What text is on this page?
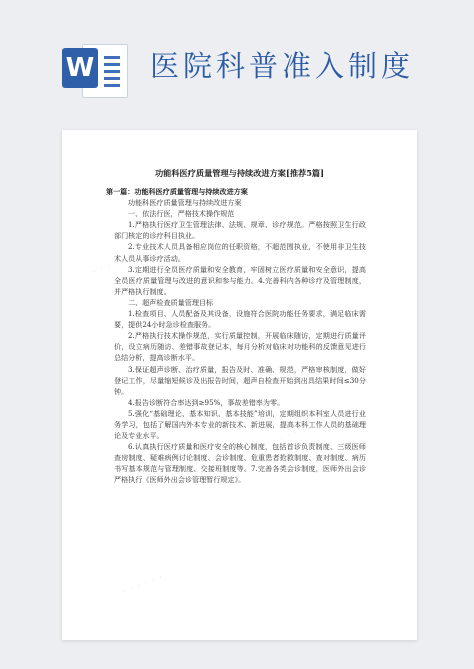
W 医院科普准入制度
· · · · · ·
· · · · · ·
· · · · · ·
功能科医疗质量管理与持续改进方案[推荐5篇]

第一篇：功能科医疗质量管理与持续改进方案

功能科医疗质量管理与持续改进方案

一、依法行医，严格技术操作规范

1.严格执行医疗卫生管理法律、法规、规章、诊疗规范。严格按照卫生行政部门核定的诊疗科目执业。

2.专业技术人员具备相应岗位的任职资格，不超范围执业，不使用非卫生技术人员从事诊疗活动。

3.定期进行全员医疗质量和安全教育，牢固树立医疗质量和安全意识，提高全员医疗质量管理与改进的意识和参与能力。4.完善科内各种诊疗及管理制度，并严格执行制度。

二、超声检查质量管理目标

1.检查项目、人员配备及其设备，设施符合医院功能任务要求，满足临床需要，提供24小时急诊检查服务。

2.严格执行技术操作规范，实行质量控制，开展临床随访，定期进行质量评价，设立病历随访、差错事故登记本，每月分析对临床对功能科的反馈意见进行总结分析，提高诊断水平。

3.保证超声诊断、治疗质量，报告及时、准确、规范，严格审核制度，做好登记工作，尽量缩短候诊及出报告时间，超声自检查开始到出具结果时间≤30分钟。

4.报告诊断符合率达到≥95%，事故差错率为零。

5.强化“基础理论、基本知识、基本技能”培训，定期组织本科室人员进行业务学习，包括了解国内外本专业的新技术、新进展，提高本科工作人员的基础理论及专业水平。

6.认真执行医疗质量和医疗安全的核心制度，包括首诊负责制度、三级医师查房制度、疑难病例讨论制度、会诊制度、危重患者抢救制度、查对制度、病历书写基本规范与管理制度、交接班制度等。7.完善各类会诊制度，医师外出会诊严格执行《医师外出会诊管理暂行规定》。
